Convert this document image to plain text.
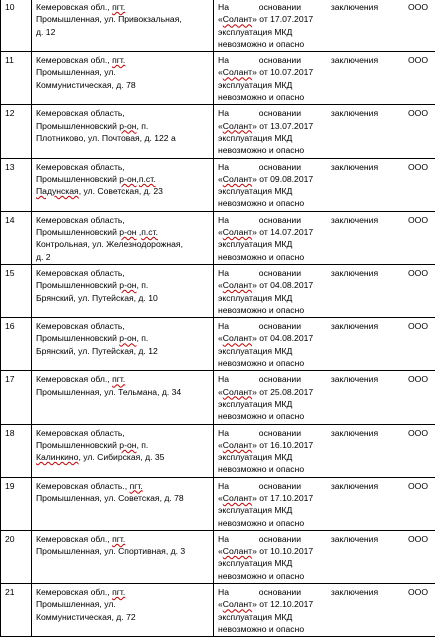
10	Кемеровская обл., пгт.
Промышленная, ул. Привокзальная,
д. 12	На основании заключения ООО
«Солант» от 17.07.2017
эксплуатация МКД
невозможно и опасно

11	Кемеровская обл., пгт.
Промышленная, ул.
Коммунистическая, д. 78	На основании заключения ООО
«Солант» от 10.07.2017
эксплуатация МКД
невозможно и опасно

12	Кемеровская область,
Промышленновский р-он, п.
Плотниково, ул. Почтовая, д. 122 а	На основании заключения ООО
«Солант» от 13.07.2017
эксплуатация МКД
невозможно и опасно

13	Кемеровская область,
Промышленновский р-он,п.ст.
Падунская, ул. Советская, д. 23	На основании заключения ООО
«Солант» от 09.08.2017
эксплуатация МКД
невозможно и опасно

14	Кемеровская область,
Промышленновский р-он ,п.ст.
Контрольная, ул. Железнодорожная,
д. 2	На основании заключения ООО
«Солант» от 14.07.2017
эксплуатация МКД
невозможно и опасно

15	Кемеровская область,
Промышленновский р-он, п.
Брянский, ул. Путейская, д. 10	На основании заключения ООО
«Солант» от 04.08.2017
эксплуатация МКД
невозможно и опасно

16	Кемеровская область,
Промышленновский р-он, п.
Брянский, ул. Путейская, д. 12	На основании заключения ООО
«Солант» от 04.08.2017
эксплуатация МКД
невозможно и опасно

17	Кемеровская обл., пгт.
Промышленная, ул. Тельмана, д. 34	На основании заключения ООО
«Солант» от 25.08.2017
эксплуатация МКД
невозможно и опасно

18	Кемеровская область,
Промышленновский р-он, п.
Калинкино, ул. Сибирская, д. 35	На основании заключения ООО
«Солант» от 16.10.2017
эксплуатация МКД
невозможно и опасно

19	Кемеровская область., пгт.
Промышленная, ул. Советская, д. 78	На основании заключения ООО
«Солант» от 17.10.2017
эксплуатация МКД
невозможно и опасно

20	Кемеровская обл., пгт.
Промышленная, ул. Спортивная, д. 3	На основании заключения ООО
«Солант» от 10.10.2017
эксплуатация МКД
невозможно и опасно

21	Кемеровская обл., пгт.
Промышленная, ул.
Коммунистическая, д. 72	На основании заключения ООО
«Солант» от 12.10.2017
эксплуатация МКД
невозможно и опасно
